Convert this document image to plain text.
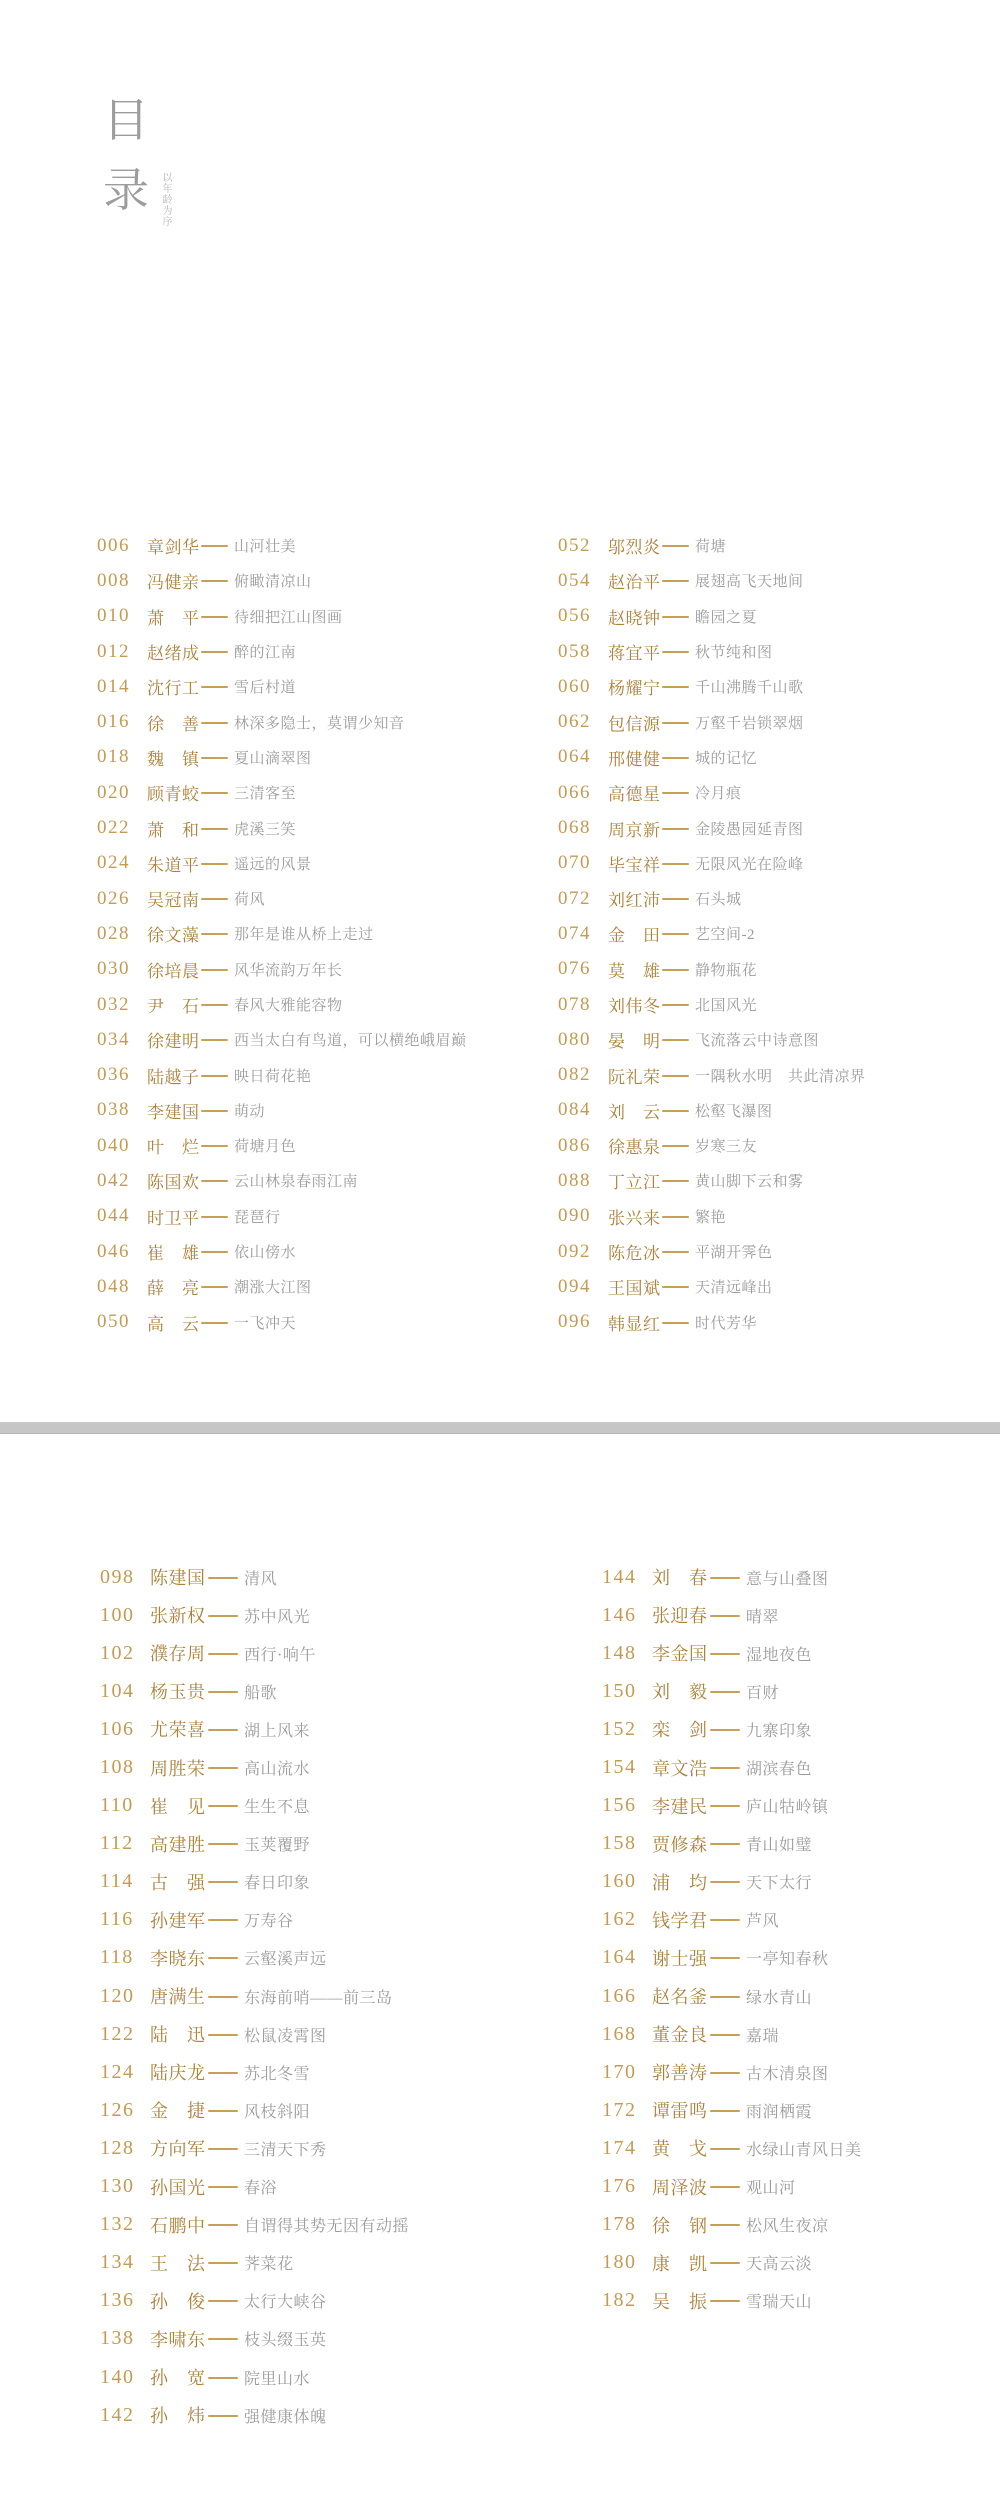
目
录	以年龄为序
006	章剑华 山河壮美
008	冯健亲 俯瞰清凉山
010	萧　平 待细把江山图画
012	赵绪成 醉的江南
014	沈行工 雪后村道
016	徐　善 林深多隐士，莫谓少知音
018	魏　镇 夏山滴翠图
020	顾青蛟 三清客至
022	萧　和 虎溪三笑
024	朱道平 遥远的风景
026	吴冠南 荷风
028	徐文藻 那年是谁从桥上走过
030	徐培晨 风华流韵万年长
032	尹　石 春风大雅能容物
034	徐建明 西当太白有鸟道，可以横绝峨眉巅
036	陆越子 映日荷花艳
038	李建国 萌动
040	叶　烂 荷塘月色
042	陈国欢 云山林泉春雨江南
044	时卫平 琵琶行
046	崔　雄 依山傍水
048	薛　亮 潮涨大江图
050	高　云 一飞冲天
052	邬烈炎 荷塘
054	赵治平 展翅高飞天地间
056	赵晓钟 瞻园之夏
058	蒋宜平 秋节纯和图
060	杨耀宁 千山沸腾千山歌
062	包信源 万壑千岩锁翠烟
064	邢健健 城的记忆
066	高德星 冷月痕
068	周京新 金陵愚园延青图
070	毕宝祥 无限风光在险峰
072	刘红沛 石头城
074	金　田 艺空间-2
076	莫　雄 静物瓶花
078	刘伟冬 北国风光
080	晏　明 飞流落云中诗意图
082	阮礼荣 一隅秋水明　共此清凉界
084	刘　云 松壑飞瀑图
086	徐惠泉 岁寒三友
088	丁立江 黄山脚下云和雾
090	张兴来 繁艳
092	陈危冰 平湖开霁色
094	王国斌 天清远峰出
096	韩显红 时代芳华
098 陈建国 清风
100 张新权 苏中风光
102 濮存周 西行·响午
104 杨玉贵 船歌
106 尤荣喜 湖上风来
108 周胜荣 高山流水
110 崔　见 生生不息
112 高建胜 玉荚覆野
114 古　强 春日印象
116 孙建军 万寿谷
118 李晓东 云壑溪声远
120 唐满生 东海前哨——前三岛
122 陆　迅 松鼠凌霄图
124 陆庆龙 苏北冬雪
126 金　捷 风枝斜阳
128 方向军 三清天下秀
130 孙国光 春浴
132 石鹏中 自谓得其势无因有动摇
134 王　法 荠菜花
136 孙　俊 太行大峡谷
138 李啸东 枝头缀玉英
140 孙　宽 院里山水
142 孙　炜 强健康体魄
144 刘　春 意与山叠图
146 张迎春 晴翠
148 李金国 湿地夜色
150 刘　毅 百财
152 栾　剑 九寨印象
154 章文浩 湖滨春色
156 李建民 庐山牯岭镇
158 贾修森 青山如璧
160 浦　均 天下太行
162 钱学君 芦风
164 谢士强 一亭知春秋
166 赵名釜 绿水青山
168 董金良 嘉瑞
170 郭善涛 古木清泉图
172 谭雷鸣 雨润栖霞
174 黄　戈 水绿山青风日美
176 周泽波 观山河
178 徐　钢 松风生夜凉
180 康　凯 天高云淡
182 吴　振 雪瑞天山
